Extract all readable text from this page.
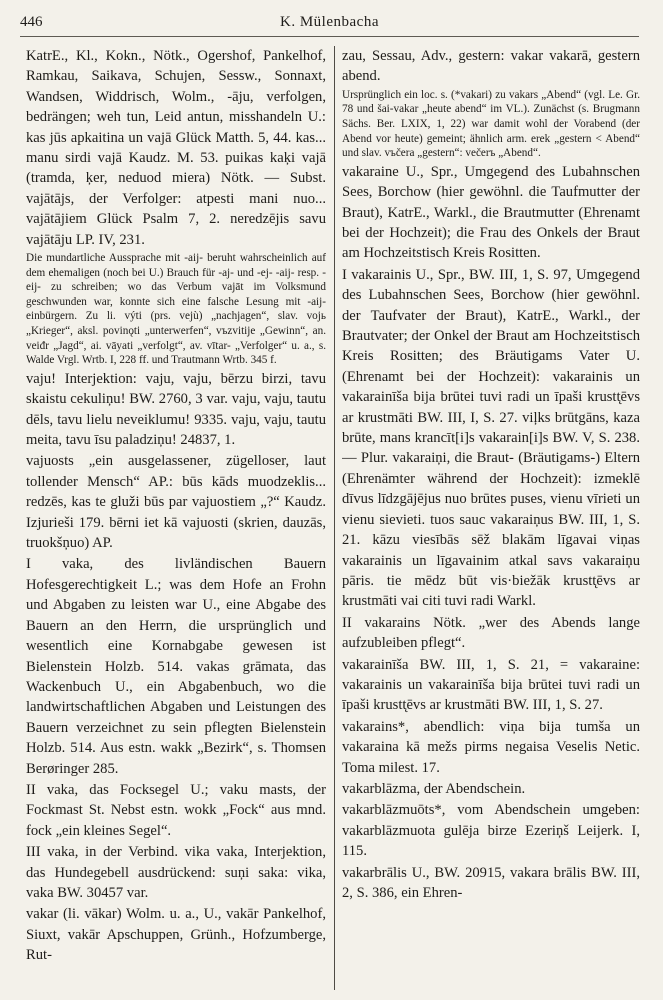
446	K. Mülenbacha
KatrE., Kl., Kokn., Nötk., Ogershof, Pankelhof, Ramkau, Saikava, Schujen, Sessw., Sonnaxt, Wandsen, Widdrisch, Wolm., -āju, verfolgen, bedrängen; weh tun, Leid antun, misshandeln U.: kas jūs apkaitina un vajā Glück Matth. 5, 44. kas... manu sirdi vajā Kaudz. M. 53. puikas kaķi vajā (tramda, ķer, neduod miera) Nötk. — Subst. vajātājs, der Verfolger: atpesti mani nuo... vajātājiem Glück Psalm 7, 2. neredzējis savu vajātāju LP. IV, 231.
Die mundartliche Aussprache mit -aij- beruht wahrscheinlich auf dem ehemaligen (noch bei U.) Brauch für -aj- und -ej- -aij- resp. -eij- zu schreiben; wo das Verbum vajāt im Volksmund geschwunden war, konnte sich eine falsche Lesung mit -aij- einbürgern. Zu li. výti (prs. vejù) „nachjagen“, slav. vojь „Krieger“, aksl. povinǫti „unterwerfen“, vъzvitije „Gewinn“, an. veiđr „Jagd“, ai. vāyati „verfolgt“, av. vītar- „Verfolger“ u. a., s. Walde Vrgl. Wrtb. I, 228 ff. und Trautmann Wrtb. 345 f.
vaju! Interjektion: vaju, vaju, bērzu birzi, tavu skaistu cekuliņu! BW. 2760, 3 var. vaju, vaju, tautu dēls, tavu lielu neveiklumu! 9335. vaju, vaju, tautu meita, tavu īsu paladziņu! 24837, 1.
vajuosts „ein ausgelassener, zügelloser, laut tollender Mensch“ AP.: būs kāds muodzeklis... redzēs, kas te gluži būs par vajuostiem „?“ Kaudz. Izjurieši 179. bērni iet kā vajuosti (skrien, dauzās, truokšņuo) AP.
I vaka, des livländischen Bauern Hofesgerechtigkeit L.; was dem Hofe an Frohn und Abgaben zu leisten war U., eine Abgabe des Bauern an den Herrn, die ursprünglich und wesentlich eine Kornabgabe gewesen ist Bielenstein Holzb. 514. vakas grāmata, das Wackenbuch U., ein Abgabenbuch, wo die landwirtschaftlichen Abgaben und Leistungen des Bauern verzeichnet zu sein pflegten Bielenstein Holzb. 514. Aus estn. wakk „Bezirk“, s. Thomsen Berøringer 285.
II vaka, das Focksegel U.; vaku masts, der Fockmast St. Nebst estn. wokk „Fock“ aus mnd. fock „ein kleines Segel“.
III vaka, in der Verbind. vika vaka, Interjektion, das Hundegebell ausdrückend: suņi saka: vika, vaka BW. 30457 var.
vakar (li. vākar) Wolm. u. a., U., vakār Pankelhof, Siuxt, vakār Apschuppen, Grünh., Hofzumberge, Rut-
zau, Sessau, Adv., gestern: vakar vakarā, gestern abend.
Ursprünglich ein loc. s. (*vakari) zu vakars „Abend“ (vgl. Le. Gr. 78 und šai-vakar „heute abend“ im VL.). Zunächst (s. Brugmann Sächs. Ber. LXIX, 1, 22) war damit wohl der Vorabend (der Abend vor heute) gemeint; ähnlich arm. erek „gestern < Abend“ und slav. vъčera „gestern“: večerъ „Abend“.
vakaraine U., Spr., Umgegend des Lubahnschen Sees, Borchow (hier gewöhnl. die Taufmutter der Braut), KatrE., Warkl., die Brautmutter (Ehrenamt bei der Hochzeit); die Frau des Onkels der Braut am Hochzeitstisch Kreis Rositten.
I vakarainis U., Spr., BW. III, 1, S. 97, Umgegend des Lubahnschen Sees, Borchow (hier gewöhnl. der Taufvater der Braut), KatrE., Warkl., der Brautvater; der Onkel der Braut am Hochzeitstisch Kreis Rositten; des Bräutigams Vater U. (Ehrenamt bei der Hochzeit): vakarainis un vakarainīša bija brūtei tuvi radi un īpaši krustt̨ēvs ar krustmāti BW. III, I, S. 27. viļks brūtgāns, kaza brūte, mans krancīt[i]s vakarain[i]s BW. V, S. 238. — Plur. vakaraiņi, die Braut- (Bräutigams-) Eltern (Ehrenämter während der Hochzeit): izmeklē dīvus līdzgājējus nuo brūtes puses, vienu vīrieti un vienu sievieti. tuos sauc vakaraiņus BW. III, 1, S. 21. kāzu viesībās sēž blakām līgavai viņas vakarainis un līgavainim atkal savs vakaraiņu pāris. tie mēdz būt vis·biežāk krustt̨ēvs ar krustmāti vai citi tuvi radi Warkl.
II vakarains Nötk. „wer des Abends lange aufzubleiben pflegt“.
vakarainīša BW. III, 1, S. 21, = vakaraine: vakarainis un vakarainīša bija brūtei tuvi radi un īpaši krustt̨ēvs ar krustmāti BW. III, 1, S. 27.
vakarains*, abendlich: viņa bija tumša un vakaraina kā mežs pirms negaisa Veselis Netic. Toma milest. 17.
vakarblāzma, der Abendschein.
vakarblāzmuōts*, vom Abendschein umgeben: vakarblāzmuota gulēja birze Ezeriņš Leijerk. I, 115.
vakarbrālis U., BW. 20915, vakara brālis BW. III, 2, S. 386, ein Ehren-
